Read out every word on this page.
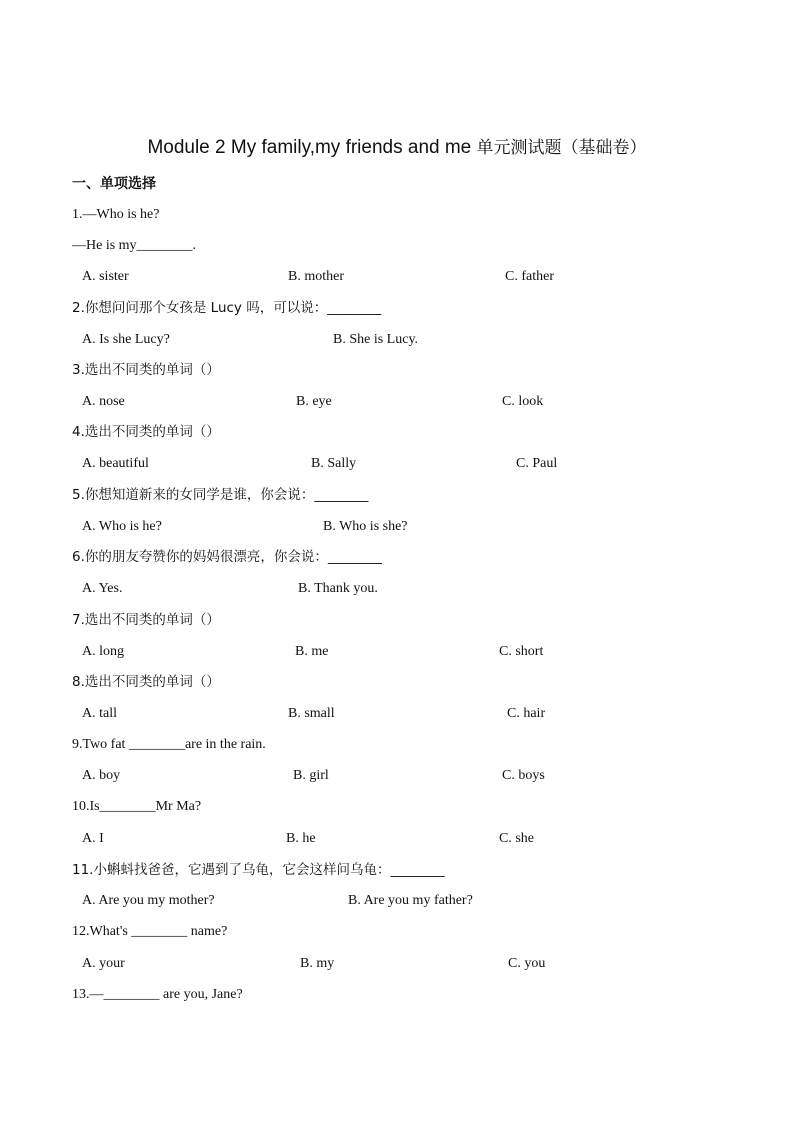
Module 2 My family,my friends and me 单元测试题（基础卷）
一、单项选择
1.—Who is he?
—He is my________.
A. sister	B. mother	C. father
2.你想问问那个女孩是 Lucy 吗，可以说：________
A. Is she Lucy?	B. She is Lucy.
3.选出不同类的单词（）
A. nose	B. eye	C. look
4.选出不同类的单词（）
A. beautiful	B. Sally	C. Paul
5.你想知道新来的女同学是谁，你会说：________
A. Who is he?	B. Who is she?
6.你的朋友夸赞你的妈妈很漂亮，你会说：________
A. Yes.	B. Thank you.
7.选出不同类的单词（）
A. long	B. me	C. short
8.选出不同类的单词（）
A. tall	B. small	C. hair
9.Two fat ________are in the rain.
A. boy	B. girl	C. boys
10.Is________Mr Ma?
A. I	B. he	C. she
11.小蝌蚪找爸爸，它遇到了乌龟，它会这样问乌龟：________
A. Are you my mother?	B. Are you my father?
12.What's ________ name?
A. your	B. my	C. you
13.—________ are you, Jane?
